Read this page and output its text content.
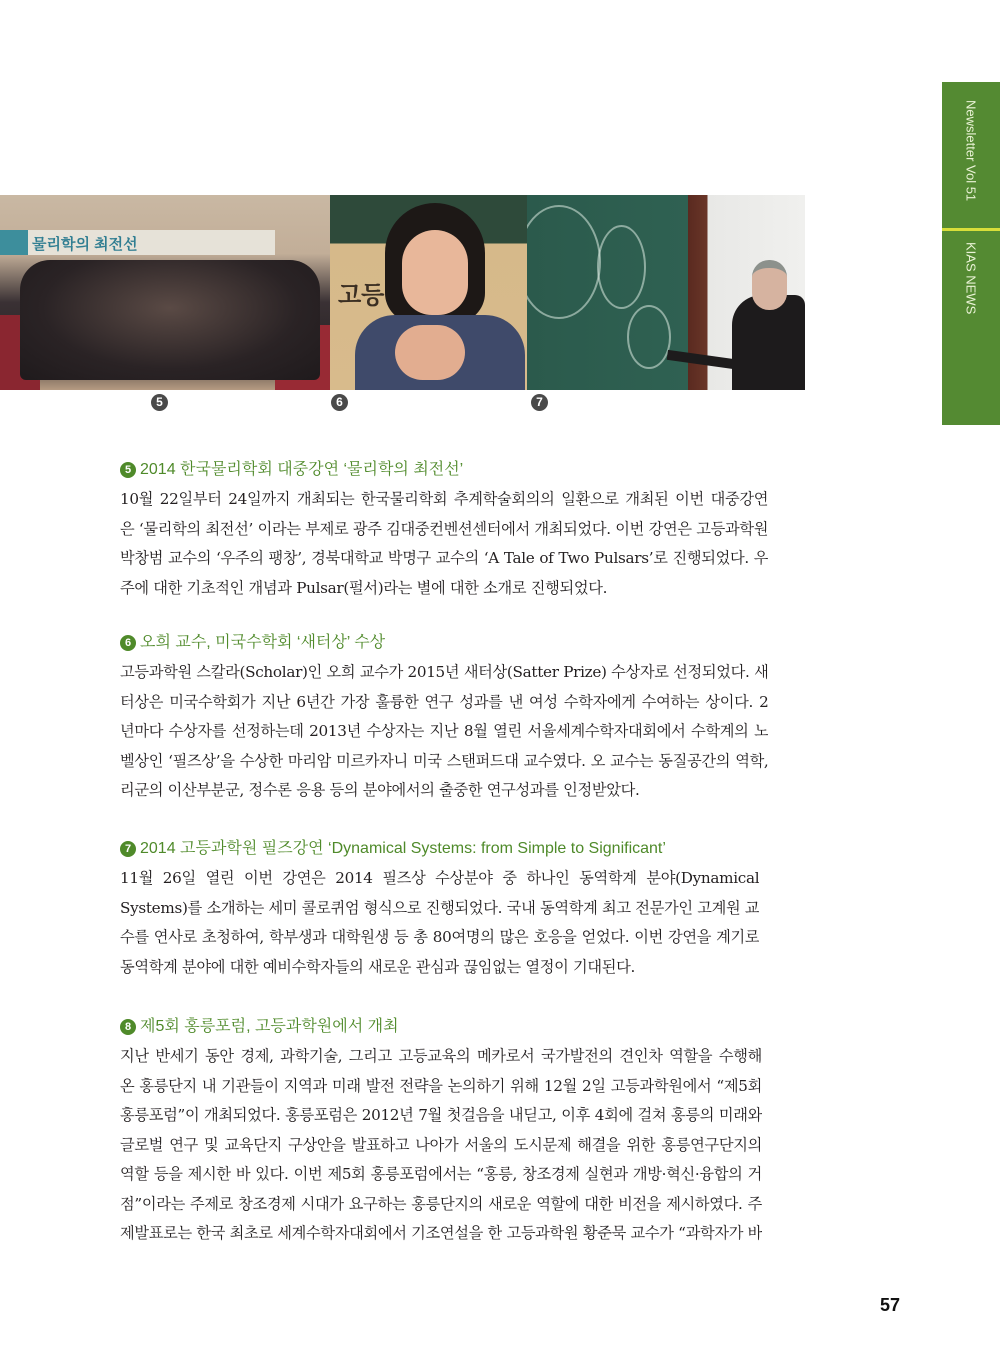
Newsletter Vol 51
KIAS NEWS
물리학의 최전선
고등
5	6	7
5 2014 한국물리학회 대중강연 ‘물리학의 최전선’
10월 22일부터 24일까지 개최되는 한국물리학회 추계학술회의의 일환으로 개최된 이번 대중강연
은 ‘물리학의 최전선’ 이라는 부제로 광주 김대중컨벤션센터에서 개최되었다. 이번 강연은 고등과학원
박창범 교수의 ‘우주의 팽창’, 경북대학교 박명구 교수의 ‘A Tale of Two Pulsars’로 진행되었다. 우
주에 대한 기초적인 개념과 Pulsar(펄서)라는 별에 대한 소개로 진행되었다.
6 오희 교수, 미국수학회 ‘새터상’ 수상
고등과학원 스칼라(Scholar)인 오희 교수가 2015년 새터상(Satter Prize) 수상자로 선정되었다. 새
터상은 미국수학회가 지난 6년간 가장 훌륭한 연구 성과를 낸 여성 수학자에게 수여하는 상이다. 2
년마다 수상자를 선정하는데 2013년 수상자는 지난 8월 열린 서울세계수학자대회에서 수학계의 노
벨상인 ‘필즈상’을 수상한 마리암 미르카자니 미국 스탠퍼드대 교수였다. 오 교수는 동질공간의 역학,
리군의 이산부분군, 정수론 응용 등의 분야에서의 출중한 연구성과를 인정받았다.
7 2014 고등과학원 필즈강연 ‘Dynamical Systems: from Simple to Significant’
11월 26일 열린 이번 강연은 2014 필즈상 수상분야 중 하나인 동역학계 분야(Dynamical
Systems)를 소개하는 세미 콜로퀴엄 형식으로 진행되었다. 국내 동역학계 최고 전문가인 고계원 교
수를 연사로 초청하여, 학부생과 대학원생 등 총 80여명의 많은 호응을 얻었다. 이번 강연을 계기로
동역학계 분야에 대한 예비수학자들의 새로운 관심과 끊임없는 열정이 기대된다.
8 제5회 홍릉포럼, 고등과학원에서 개최
지난 반세기 동안 경제, 과학기술, 그리고 고등교육의 메카로서 국가발전의 견인차 역할을 수행해
온 홍릉단지 내 기관들이 지역과 미래 발전 전략을 논의하기 위해 12월 2일 고등과학원에서 “제5회
홍릉포럼”이 개최되었다. 홍릉포럼은 2012년 7월 첫걸음을 내딛고, 이후 4회에 걸쳐 홍릉의 미래와
글로벌 연구 및 교육단지 구상안을 발표하고 나아가 서울의 도시문제 해결을 위한 홍릉연구단지의
역할 등을 제시한 바 있다. 이번 제5회 홍릉포럼에서는 “홍릉, 창조경제 실현과 개방·혁신·융합의 거
점”이라는 주제로 창조경제 시대가 요구하는 홍릉단지의 새로운 역할에 대한 비전을 제시하였다. 주
제발표로는 한국 최초로 세계수학자대회에서 기조연설을 한 고등과학원 황준묵 교수가 “과학자가 바
57
